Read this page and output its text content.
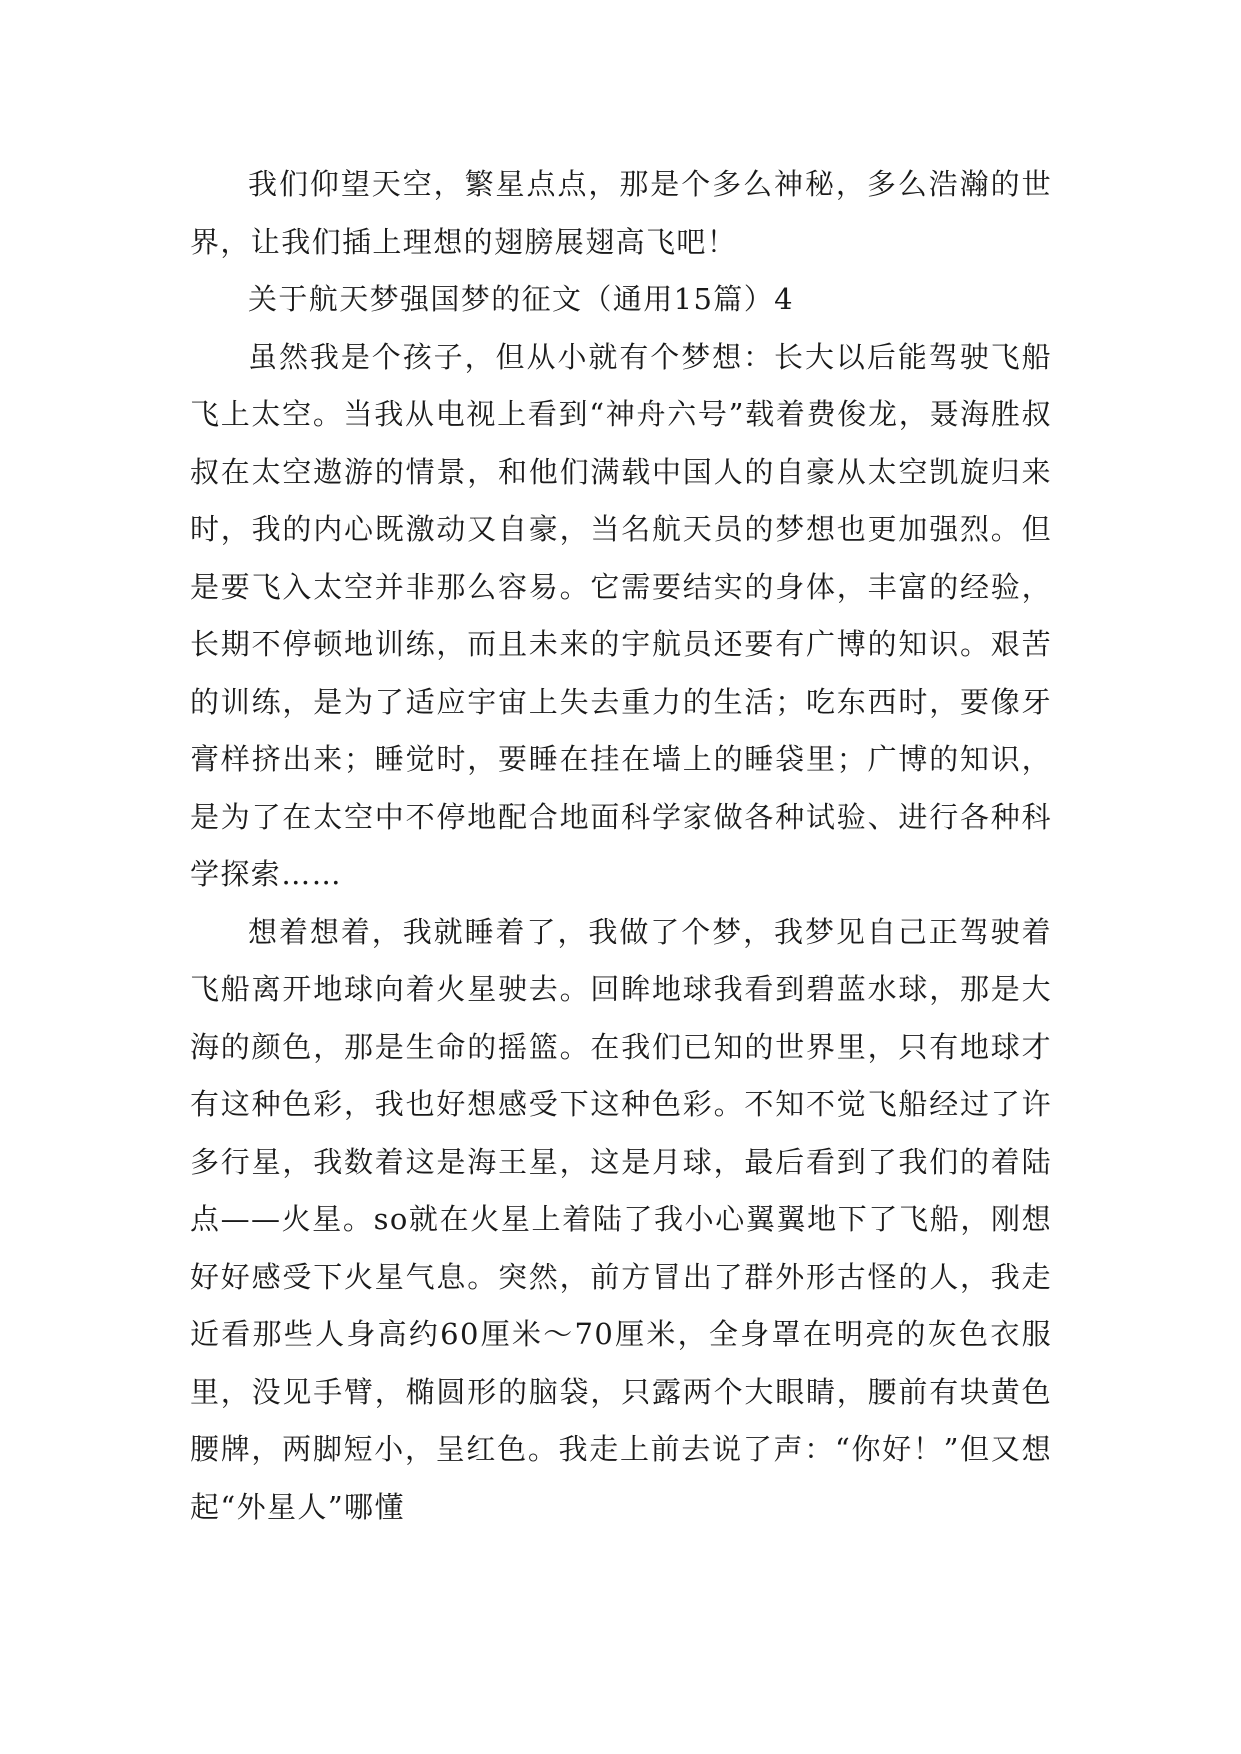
我们仰望天空，繁星点点，那是个多么神秘，多么浩瀚的世界，让我们插上理想的翅膀展翅高飞吧！

关于航天梦强国梦的征文（通用15篇）4

虽然我是个孩子，但从小就有个梦想：长大以后能驾驶飞船飞上太空。当我从电视上看到“神舟六号”载着费俊龙，聂海胜叔叔在太空遨游的情景，和他们满载中国人的自豪从太空凯旋归来时，我的内心既激动又自豪，当名航天员的梦想也更加强烈。但是要飞入太空并非那么容易。它需要结实的身体，丰富的经验，长期不停顿地训练，而且未来的宇航员还要有广博的知识。艰苦的训练，是为了适应宇宙上失去重力的生活；吃东西时，要像牙膏样挤出来；睡觉时，要睡在挂在墙上的睡袋里；广博的知识，是为了在太空中不停地配合地面科学家做各种试验、进行各种科学探索……

想着想着，我就睡着了，我做了个梦，我梦见自己正驾驶着飞船离开地球向着火星驶去。回眸地球我看到碧蓝水球，那是大海的颜色，那是生命的摇篮。在我们已知的世界里，只有地球才有这种色彩，我也好想感受下这种色彩。不知不觉飞船经过了许多行星，我数着这是海王星，这是月球，最后看到了我们的着陆点——火星。so就在火星上着陆了我小心翼翼地下了飞船，刚想好好感受下火星气息。突然，前方冒出了群外形古怪的人，我走近看那些人身高约60厘米～70厘米，全身罩在明亮的灰色衣服里，没见手臂，椭圆形的脑袋，只露两个大眼睛，腰前有块黄色腰牌，两脚短小，呈红色。我走上前去说了声：“你好！”但又想起“外星人”哪懂
